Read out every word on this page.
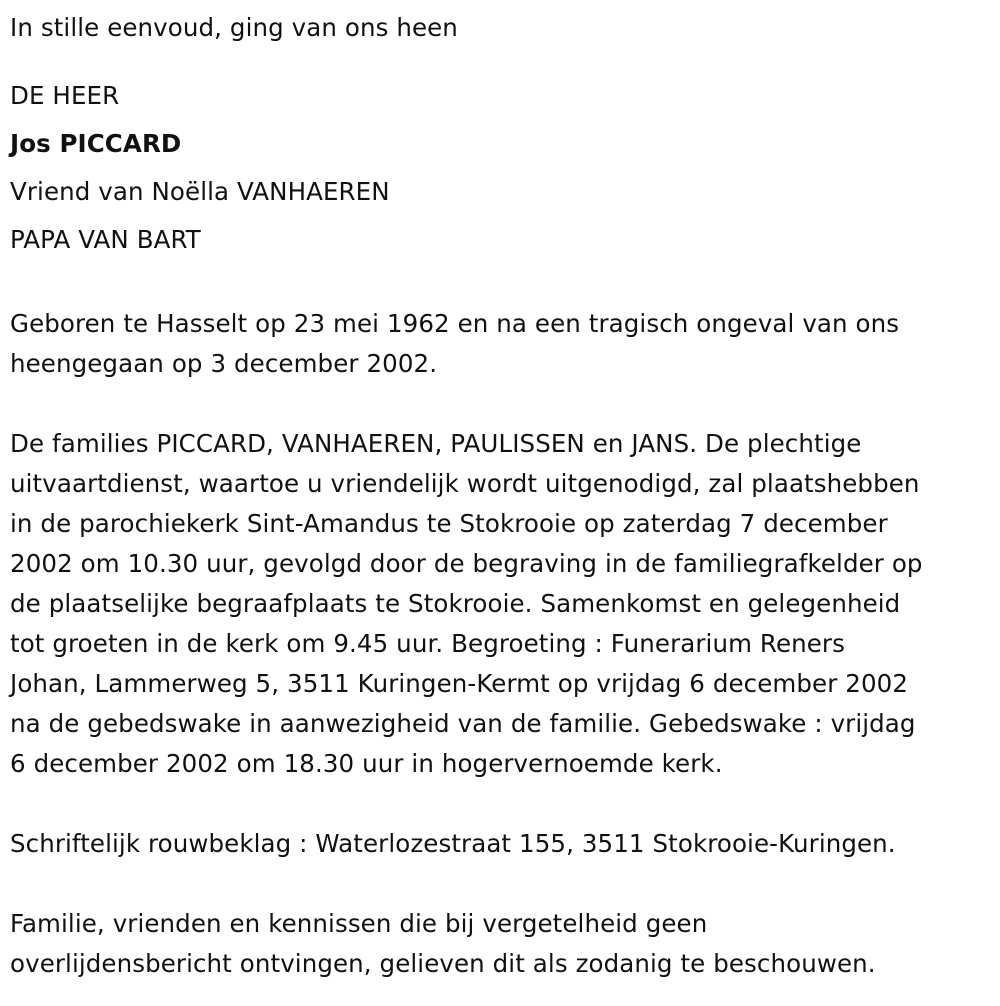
In stille eenvoud, ging van ons heen

DE HEER
Jos PICCARD
Vriend van Noëlla VANHAEREN
PAPA VAN BART

Geboren te Hasselt op 23 mei 1962 en na een tragisch ongeval van ons
heengegaan op 3 december 2002.

De families PICCARD, VANHAEREN, PAULISSEN en JANS. De plechtige
uitvaartdienst, waartoe u vriendelijk wordt uitgenodigd, zal plaatshebben
in de parochiekerk Sint-Amandus te Stokrooie op zaterdag 7 december
2002 om 10.30 uur, gevolgd door de begraving in de familiegrafkelder op
de plaatselijke begraafplaats te Stokrooie. Samenkomst en gelegenheid
tot groeten in de kerk om 9.45 uur. Begroeting : Funerarium Reners
Johan, Lammerweg 5, 3511 Kuringen-Kermt op vrijdag 6 december 2002
na de gebedswake in aanwezigheid van de familie. Gebedswake : vrijdag
6 december 2002 om 18.30 uur in hogervernoemde kerk.

Schriftelijk rouwbeklag : Waterlozestraat 155, 3511 Stokrooie-Kuringen.

Familie, vrienden en kennissen die bij vergetelheid geen
overlijdensbericht ontvingen, gelieven dit als zodanig te beschouwen.
